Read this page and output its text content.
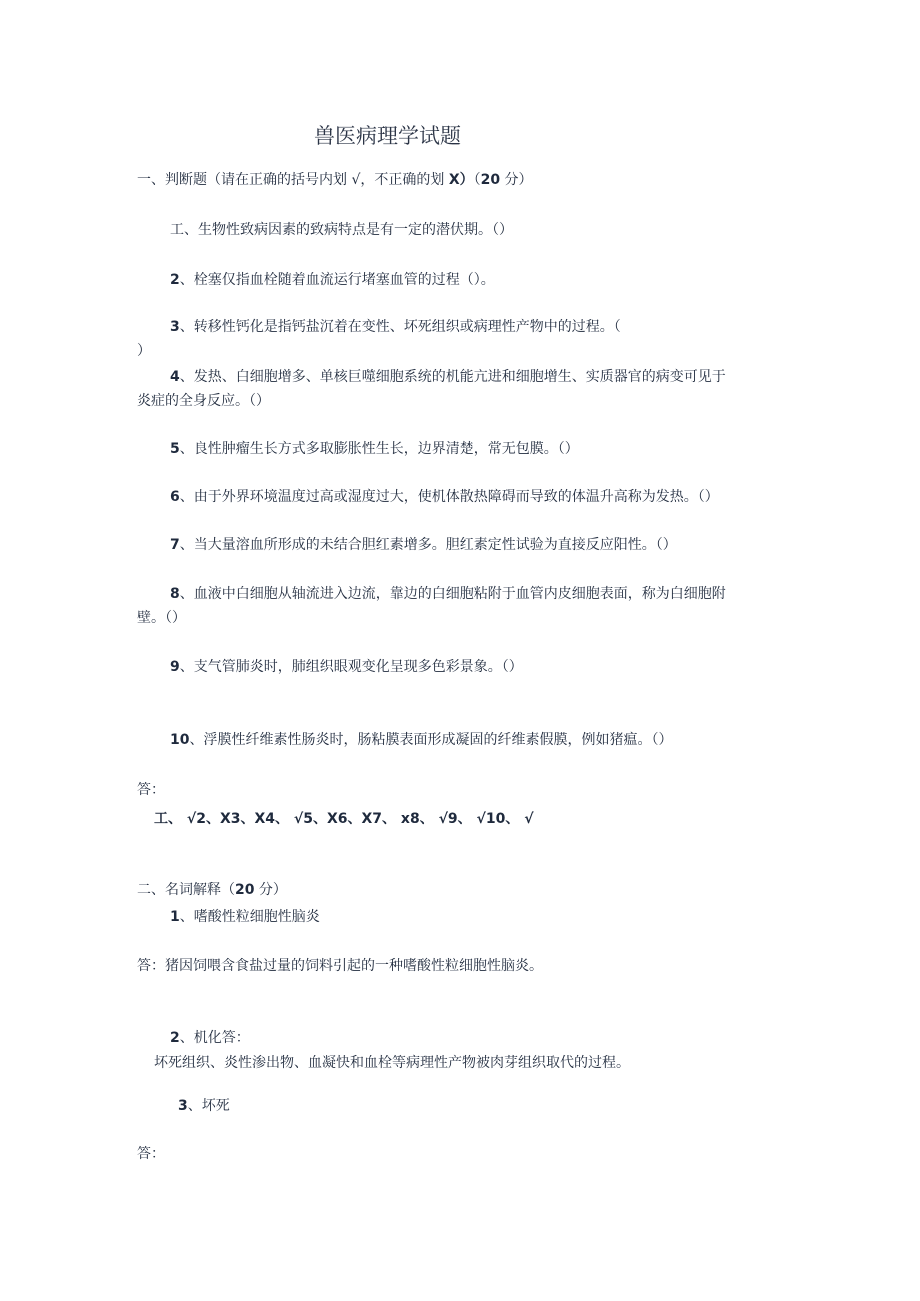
兽医病理学试题
一、判断题（请在正确的括号内划 √，不正确的划 X）（20 分）
工、生物性致病因素的致病特点是有一定的潜伏期。（）
2、栓塞仅指血栓随着血流运行堵塞血管的过程（）。
3、转移性钙化是指钙盐沉着在变性、坏死组织或病理性产物中的过程。（
）
4、发热、白细胞增多、单核巨噬细胞系统的机能亢进和细胞增生、实质器官的病变可见于
炎症的全身反应。（）
5、良性肿瘤生长方式多取膨胀性生长，边界清楚，常无包膜。（）
6、由于外界环境温度过高或湿度过大，使机体散热障碍而导致的体温升高称为发热。（）
7、当大量溶血所形成的未结合胆红素增多。胆红素定性试验为直接反应阳性。（）
8、血液中白细胞从轴流进入边流，靠边的白细胞粘附于血管内皮细胞表面，称为白细胞附
壁。（）
9、支气管肺炎时，肺组织眼观变化呈现多色彩景象。（）
10、浮膜性纤维素性肠炎时，肠粘膜表面形成凝固的纤维素假膜，例如猪瘟。（）
答：
工、 √2、X3、X4、 √5、X6、X7、 x8、 √9、 √10、 √
二、名词解释（20 分）
1、嗜酸性粒细胞性脑炎
答：猪因饲喂含食盐过量的饲料引起的一种嗜酸性粒细胞性脑炎。
2、机化答：
坏死组织、炎性渗出物、血凝快和血栓等病理性产物被肉芽组织取代的过程。
3、坏死
答：
